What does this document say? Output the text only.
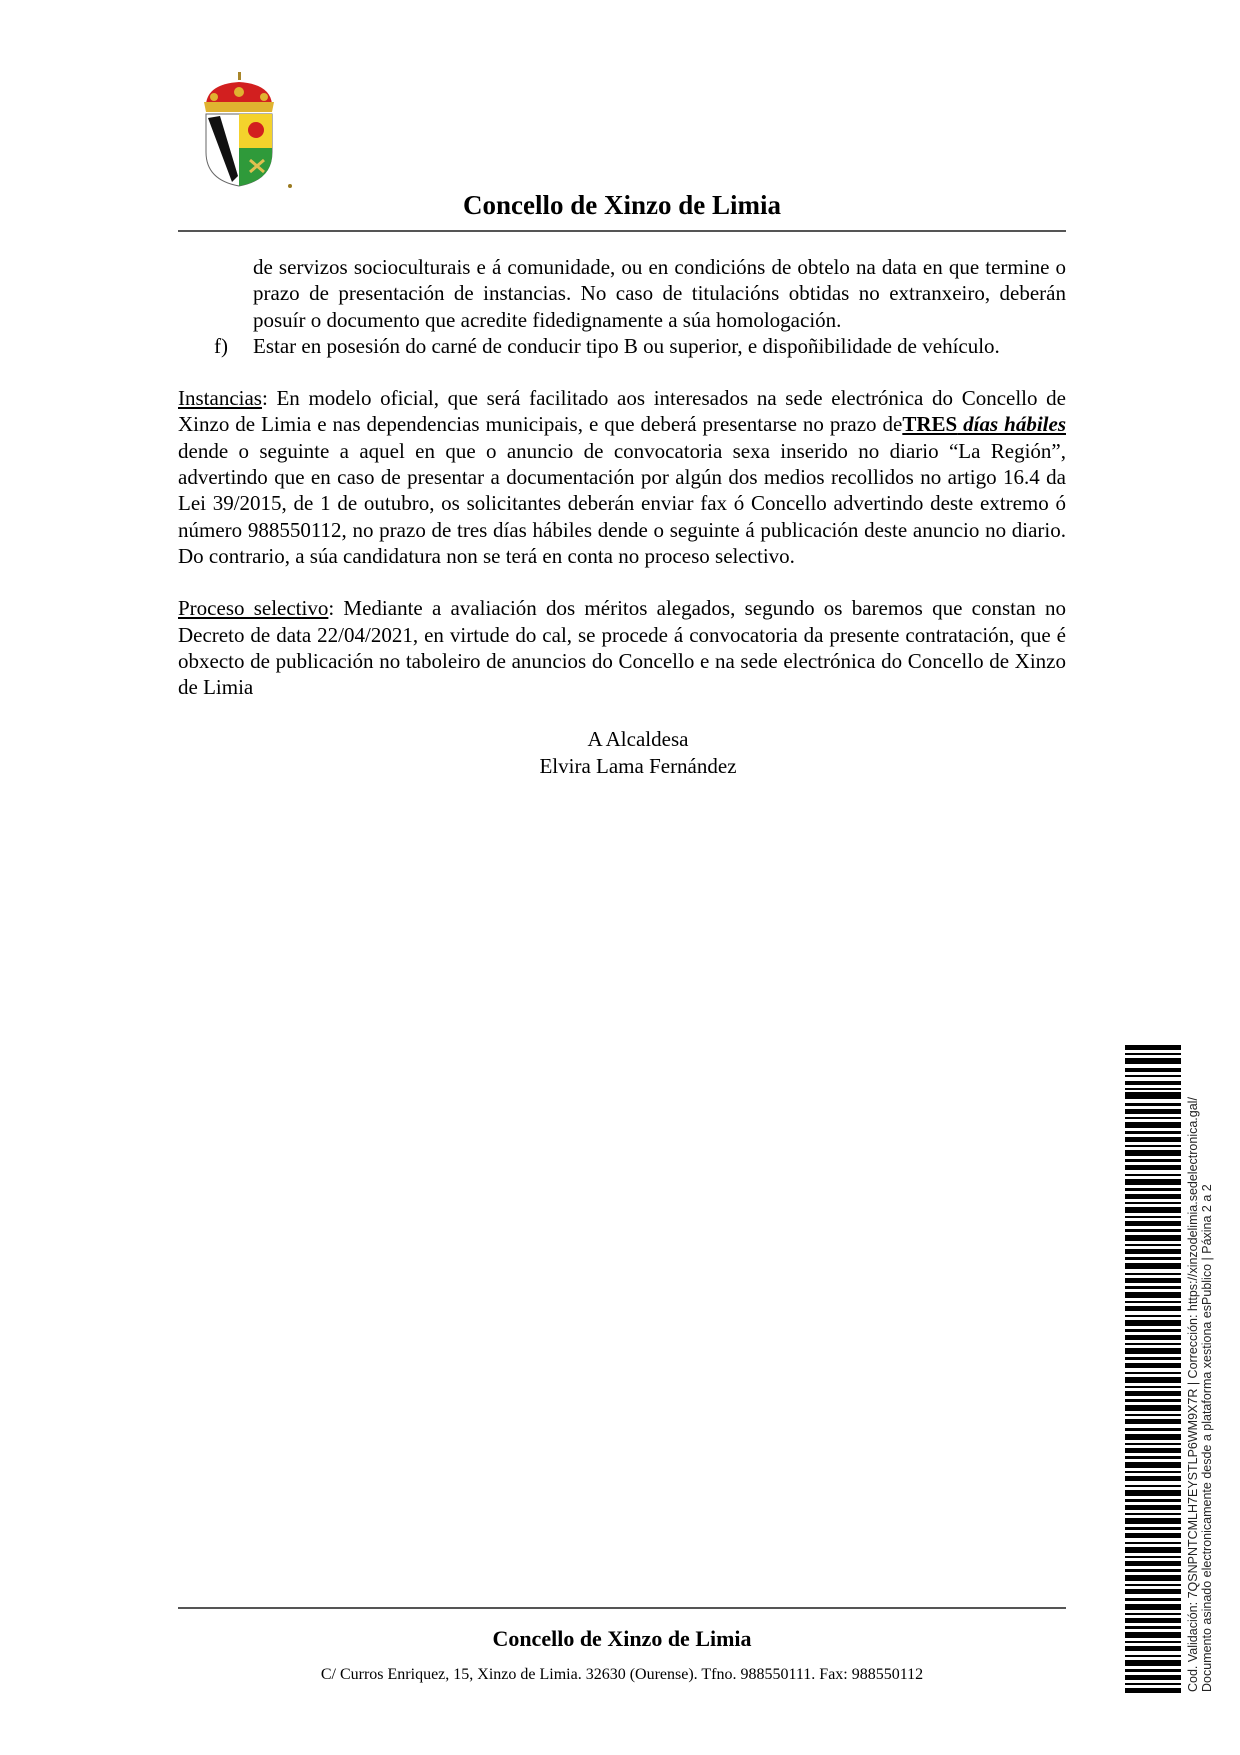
Concello de Xinzo de Limia
de servizos socioculturais e á comunidade, ou en condicións de obtelo na data en que termine o prazo de presentación de instancias. No caso de titulacións obtidas no extranxeiro, deberán posuír o documento que acredite fidedignamente a súa homologación.
f)	Estar en posesión do carné de conducir tipo B ou superior, e dispoñibilidade de vehículo.

Instancias: En modelo oficial, que será facilitado aos interesados na sede electrónica do Concello de Xinzo de Limia e nas dependencias municipais, e que deberá presentarse no prazo deTRES días hábiles dende o seguinte a aquel en que o anuncio de convocatoria sexa inserido no diario “La Región”, advertindo que en caso de presentar a documentación por algún dos medios recollidos no artigo 16.4 da Lei 39/2015, de 1 de outubro, os solicitantes deberán enviar fax ó Concello advertindo deste extremo ó número 988550112, no prazo de tres días hábiles dende o seguinte á publicación deste anuncio no diario. Do contrario, a súa candidatura non se terá en conta no proceso selectivo.

Proceso selectivo: Mediante a avaliación dos méritos alegados, segundo os baremos que constan no Decreto de data 22/04/2021, en virtude do cal, se procede á convocatoria da presente contratación, que é obxecto de publicación no taboleiro de anuncios do Concello e na sede electrónica do Concello de Xinzo de Limia

A Alcaldesa
Elvira Lama Fernández
Concello de Xinzo de Limia
C/ Curros Enriquez, 15, Xinzo de Limia. 32630 (Ourense). Tfno. 988550111. Fax: 988550112	Cod. Validación: 7QSNPNTCMLH7EYSTLP6WM9X7R | Corrección: https://xinzodelimia.sedelectronica.gal/ Documento asinado electronicamente desde a plataforma xestiona esPublico | Páxina 2 a 2
